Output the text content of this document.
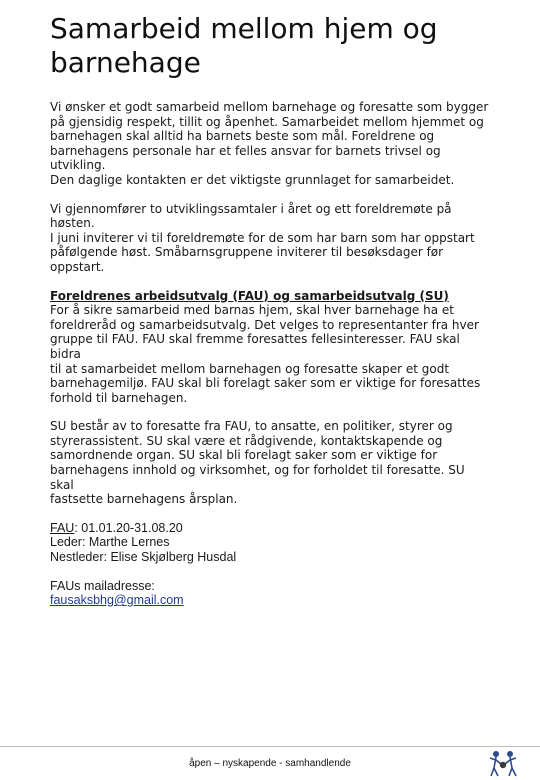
Samarbeid mellom hjem og
barnehage

Vi ønsker et godt samarbeid mellom barnehage og foresatte som bygger
på gjensidig respekt, tillit og åpenhet. Samarbeidet mellom hjemmet og
barnehagen skal alltid ha barnets beste som mål. Foreldrene og
barnehagens personale har et felles ansvar for barnets trivsel og utvikling.
Den daglige kontakten er det viktigste grunnlaget for samarbeidet.

Vi gjennomfører to utviklingssamtaler i året og ett foreldremøte på høsten.
I juni inviterer vi til foreldremøte for de som har barn som har oppstart
påfølgende høst. Småbarnsgruppene inviterer til besøksdager før oppstart.

Foreldrenes arbeidsutvalg (FAU) og samarbeidsutvalg (SU)
For å sikre samarbeid med barnas hjem, skal hver barnehage ha et
foreldreråd og samarbeidsutvalg. Det velges to representanter fra hver
gruppe til FAU. FAU skal fremme foresattes fellesinteresser. FAU skal bidra
til at samarbeidet mellom barnehagen og foresatte skaper et godt
barnehagemiljø. FAU skal bli forelagt saker som er viktige for foresattes
forhold til barnehagen.

SU består av to foresatte fra FAU, to ansatte, en politiker, styrer og
styrerassistent. SU skal være et rådgivende, kontaktskapende og
samordnende organ. SU skal bli forelagt saker som er viktige for
barnehagens innhold og virksomhet, og for forholdet til foresatte. SU skal
fastsette barnehagens årsplan.

FAU: 01.01.20-31.08.20
Leder: Marthe Lernes
Nestleder: Elise Skjølberg Husdal

FAUs mailadresse:
fausaksbhg@gmail.com

åpen – nyskapende - samhandlende
